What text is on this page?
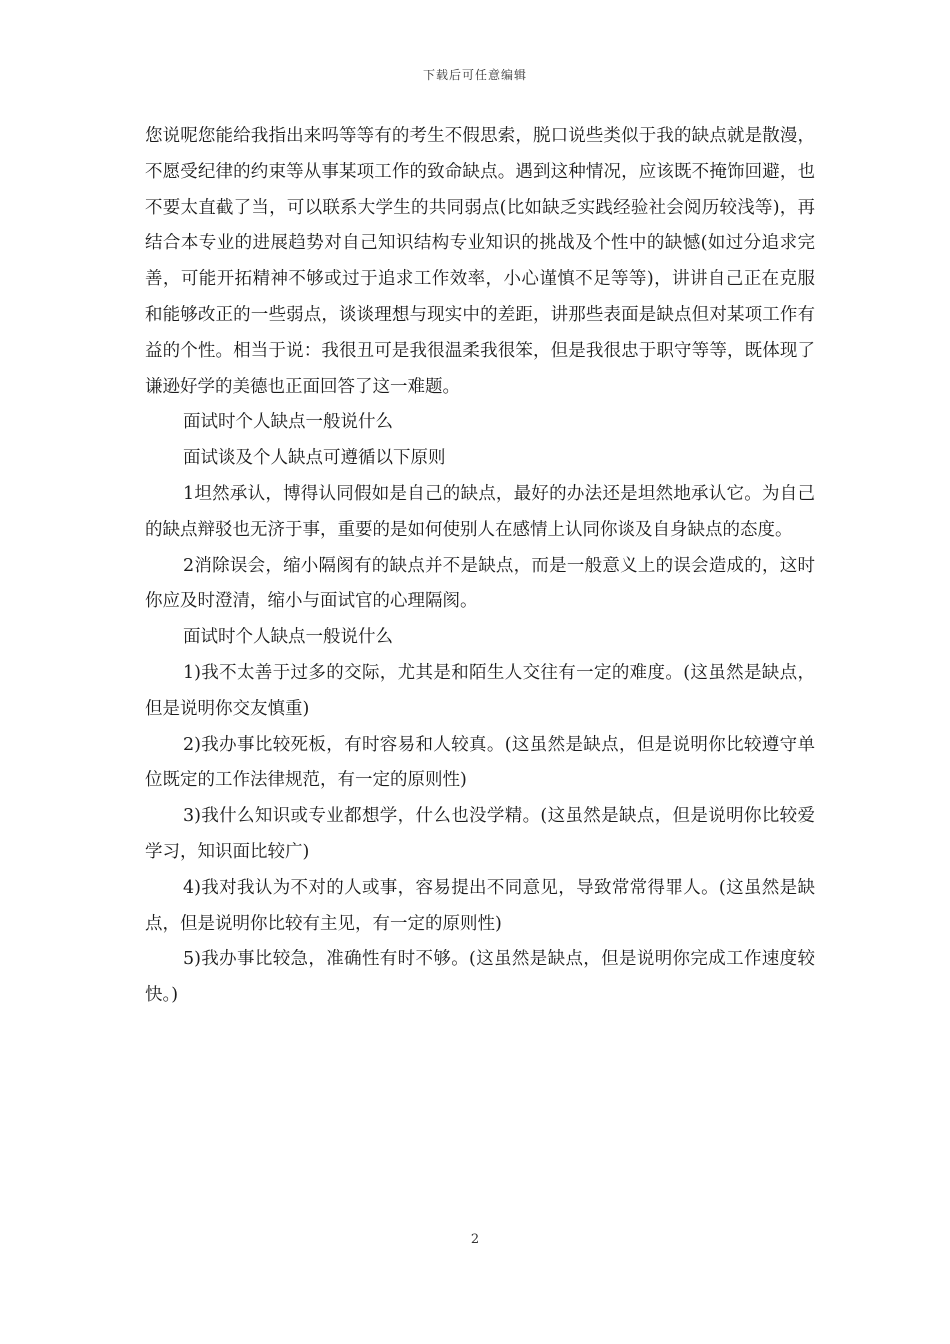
下载后可任意编辑

您说呢您能给我指出来吗等等有的考生不假思索，脱口说些类似于我的缺点就是散漫，不愿受纪律的约束等从事某项工作的致命缺点。遇到这种情况，应该既不掩饰回避，也不要太直截了当，可以联系大学生的共同弱点(比如缺乏实践经验社会阅历较浅等)，再结合本专业的进展趋势对自己知识结构专业知识的挑战及个性中的缺憾(如过分追求完善，可能开拓精神不够或过于追求工作效率，小心谨慎不足等等)，讲讲自己正在克服和能够改正的一些弱点，谈谈理想与现实中的差距，讲那些表面是缺点但对某项工作有益的个性。相当于说：我很丑可是我很温柔我很笨，但是我很忠于职守等等，既体现了谦逊好学的美德也正面回答了这一难题。

面试时个人缺点一般说什么

面试谈及个人缺点可遵循以下原则

1坦然承认，博得认同假如是自己的缺点，最好的办法还是坦然地承认它。为自己的缺点辩驳也无济于事，重要的是如何使别人在感情上认同你谈及自身缺点的态度。

2消除误会，缩小隔阂有的缺点并不是缺点，而是一般意义上的误会造成的，这时你应及时澄清，缩小与面试官的心理隔阂。

面试时个人缺点一般说什么

1)我不太善于过多的交际，尤其是和陌生人交往有一定的难度。(这虽然是缺点，但是说明你交友慎重)

2)我办事比较死板，有时容易和人较真。(这虽然是缺点，但是说明你比较遵守单位既定的工作法律规范，有一定的原则性)

3)我什么知识或专业都想学，什么也没学精。(这虽然是缺点，但是说明你比较爱学习，知识面比较广)

4)我对我认为不对的人或事，容易提出不同意见，导致常常得罪人。(这虽然是缺点，但是说明你比较有主见，有一定的原则性)

5)我办事比较急，准确性有时不够。(这虽然是缺点，但是说明你完成工作速度较快。)

2
